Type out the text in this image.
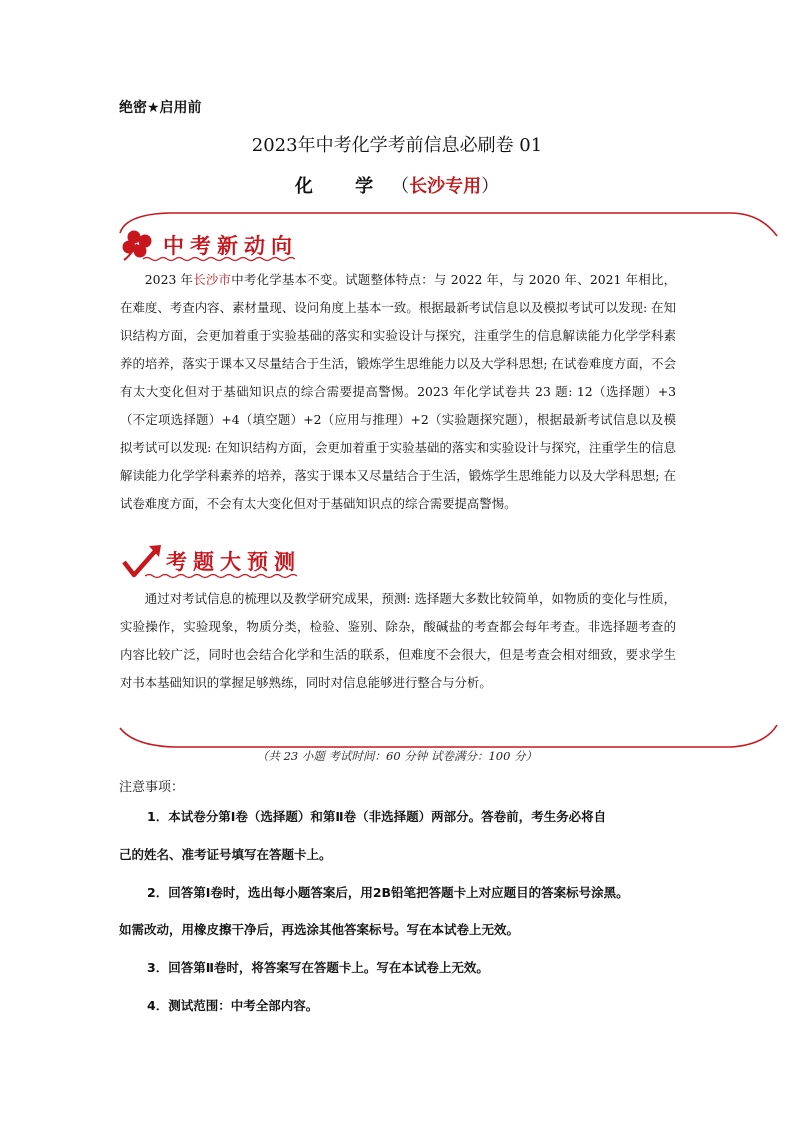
绝密★启用前
2023年中考化学考前信息必刷卷 01
化 学（长沙专用）
中考新动向

2023 年长沙市中考化学基本不变。试题整体特点：与 2022 年，与 2020 年、2021 年相比，在难度、考查内容、素材量现、设问角度上基本一致。根据最新考试信息以及模拟考试可以发现: 在知识结构方面，会更加着重于实验基础的落实和实验设计与探究，注重学生的信息解读能力化学学科素养的培养，落实于课本又尽量结合于生活，锻炼学生思维能力以及大学科思想; 在试卷难度方面，不会有太大变化但对于基础知识点的综合需要提高警惕。2023 年化学试卷共 23 题: 12（选择题）+3（不定项选择题）+4（填空题）+2（应用与推理）+2（实验题探究题），根据最新考试信息以及模拟考试可以发现: 在知识结构方面，会更加着重于实验基础的落实和实验设计与探究，注重学生的信息解读能力化学学科素养的培养，落实于课本又尽量结合于生活，锻炼学生思维能力以及大学科思想; 在试卷难度方面，不会有太大变化但对于基础知识点的综合需要提高警惕。

考题大预测

通过对考试信息的梳理以及教学研究成果，预测: 选择题大多数比较简单，如物质的变化与性质，实验操作，实验现象，物质分类，检验、鉴别、除杂，酸碱盐的考查都会每年考查。非选择题考查的内容比较广泛，同时也会结合化学和生活的联系，但难度不会很大，但是考查会相对细致，要求学生对书本基础知识的掌握足够熟练，同时对信息能够进行整合与分析。

（共 23 小题 考试时间：60 分钟 试卷满分：100 分）
注意事项：
1．本试卷分第Ⅰ卷（选择题）和第Ⅱ卷（非选择题）两部分。答卷前，考生务必将自
己的姓名、准考证号填写在答题卡上。
2．回答第Ⅰ卷时，选出每小题答案后，用2B铅笔把答题卡上对应题目的答案标号涂黑。
如需改动，用橡皮擦干净后，再选涂其他答案标号。写在本试卷上无效。
3．回答第Ⅱ卷时，将答案写在答题卡上。写在本试卷上无效。
4．测试范围：中考全部内容。
